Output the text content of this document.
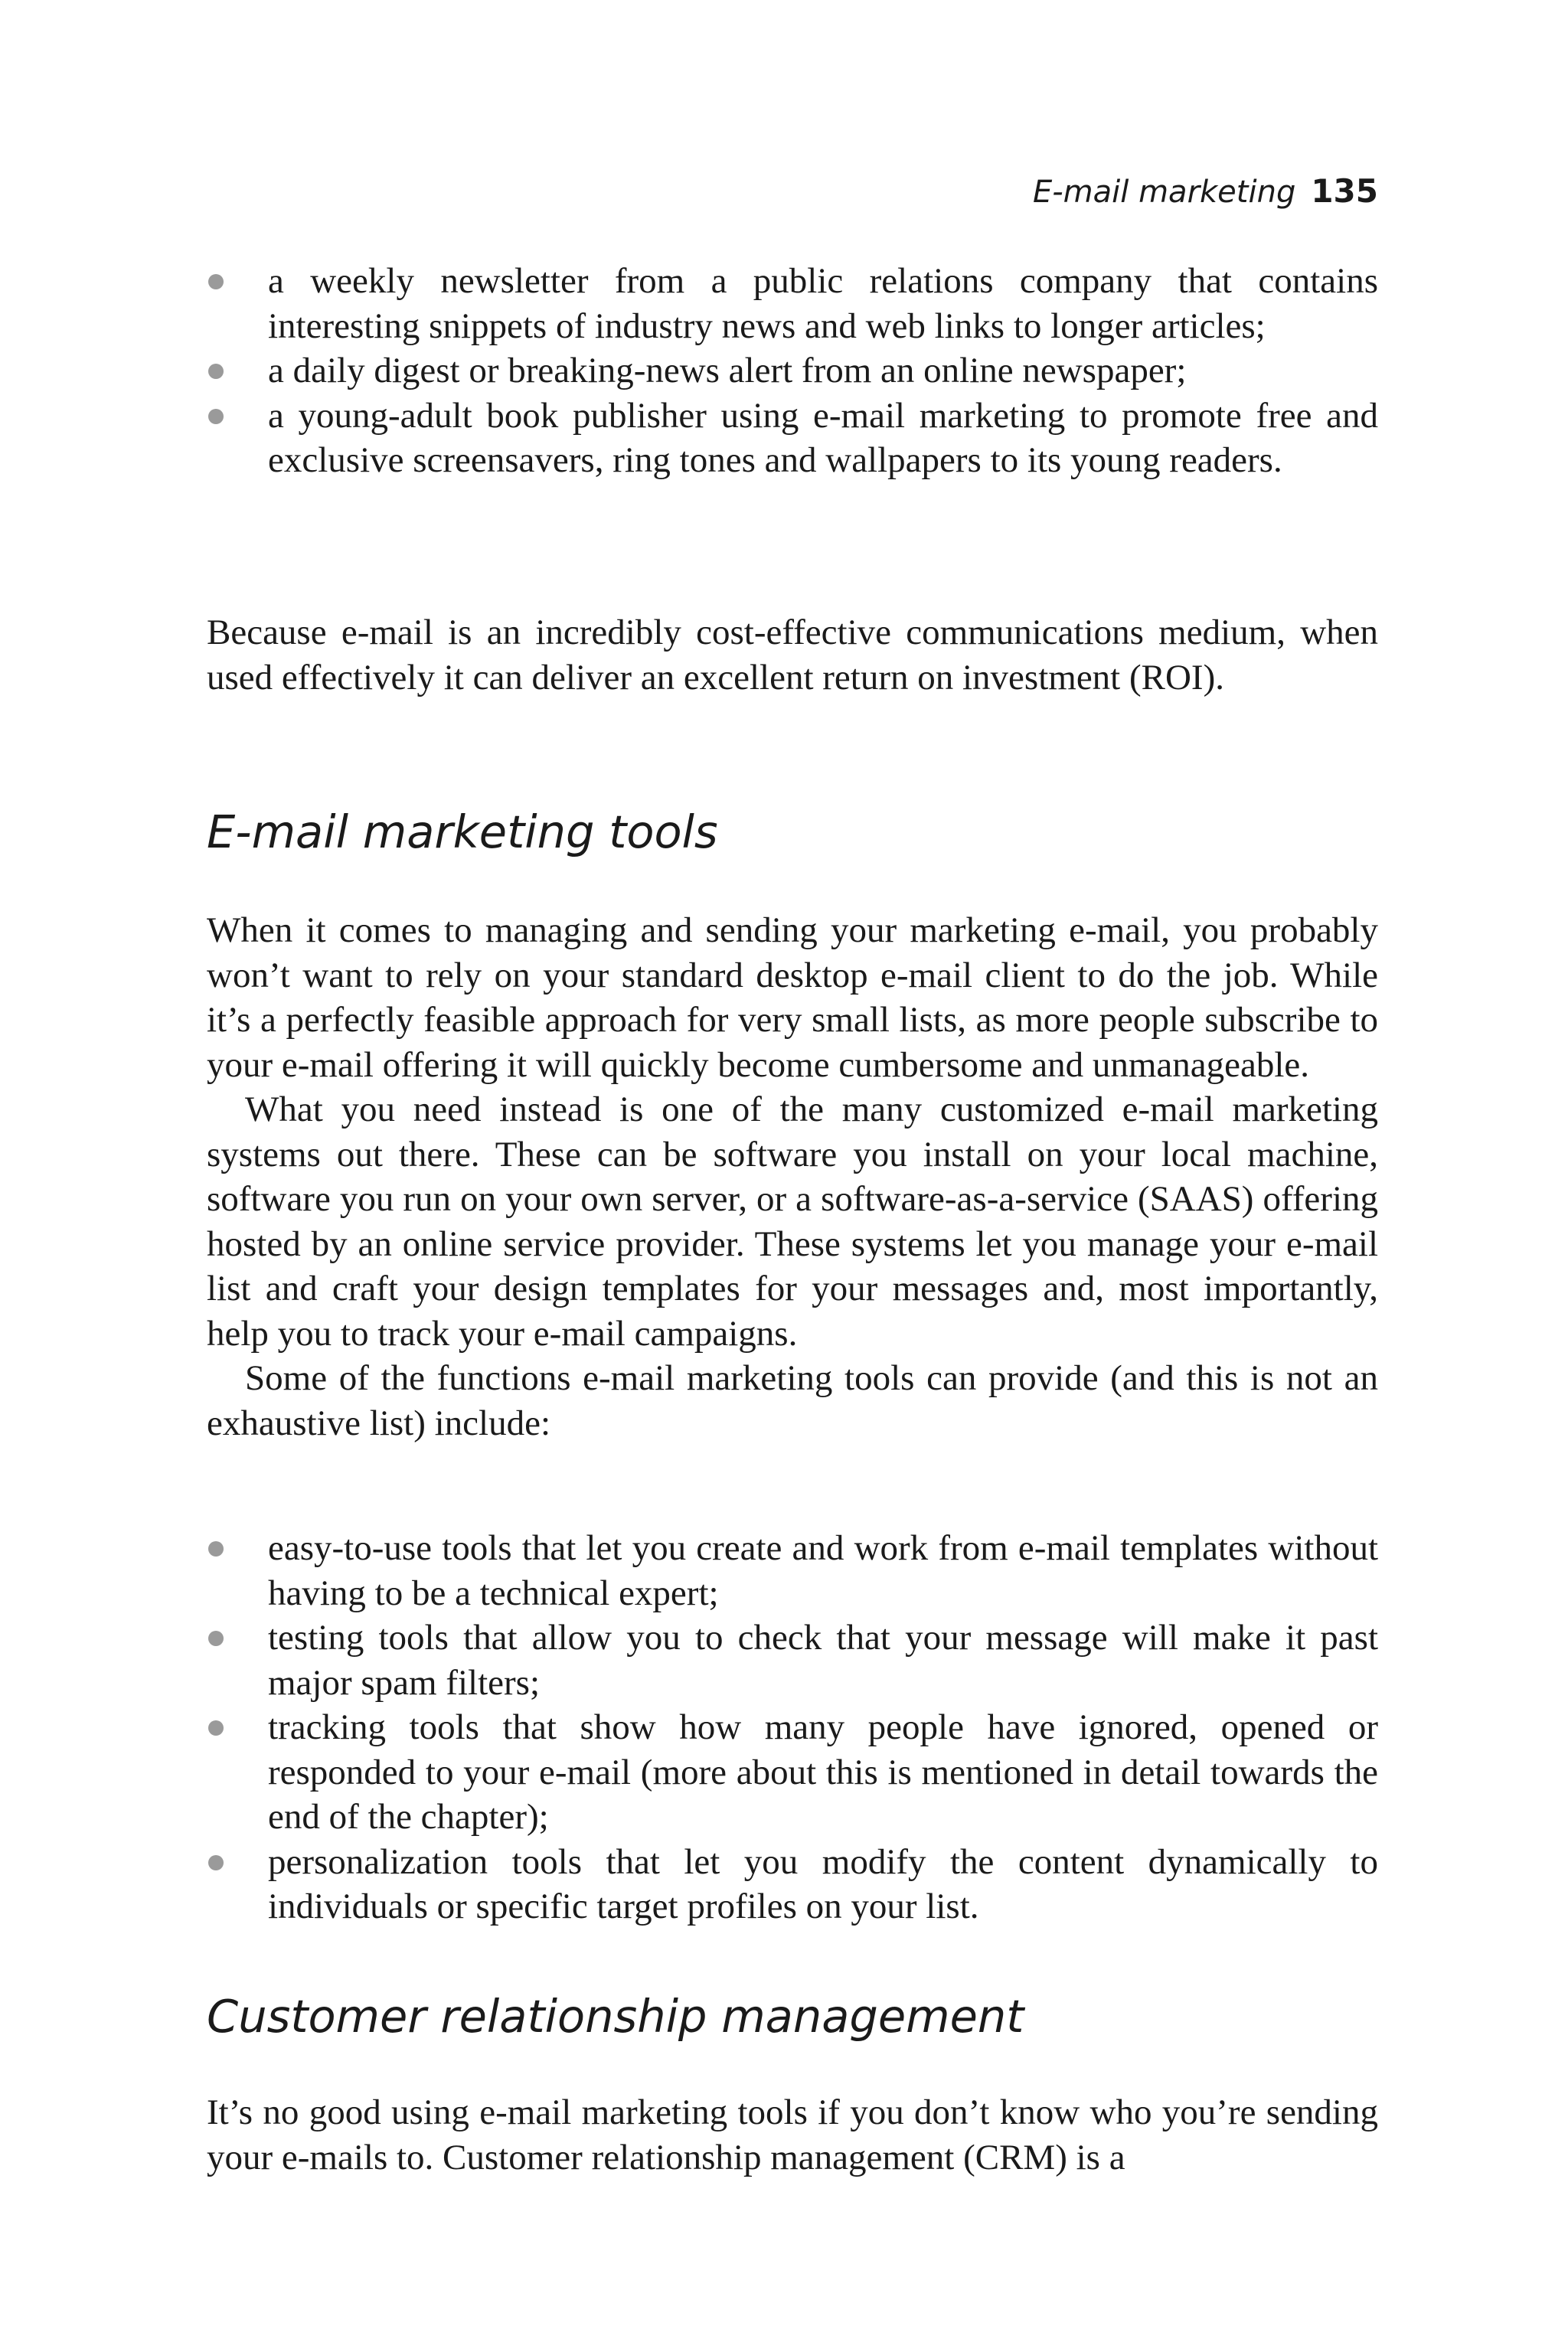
E-mail marketing 135
a weekly newsletter from a public relations company that contains interesting snippets of industry news and web links to longer articles;
a daily digest or breaking-news alert from an online newspaper;
a young-adult book publisher using e-mail marketing to promote free and exclusive screensavers, ring tones and wallpapers to its young readers.

Because e-mail is an incredibly cost-effective communications medium, when used effectively it can deliver an excellent return on investment (ROI).

E-mail marketing tools

When it comes to managing and sending your marketing e-mail, you probably won’t want to rely on your standard desktop e-mail client to do the job. While it’s a perfectly feasible approach for very small lists, as more people subscribe to your e-mail offering it will quickly become cumbersome and unmanageable.

What you need instead is one of the many customized e-mail marketing systems out there. These can be software you install on your local machine, software you run on your own server, or a software-as-a-service (SAAS) offering hosted by an online service provider. These systems let you manage your e-mail list and craft your design templates for your messages and, most importantly, help you to track your e-mail campaigns.

Some of the functions e-mail marketing tools can provide (and this is not an exhaustive list) include:

easy-to-use tools that let you create and work from e-mail templates without having to be a technical expert;
testing tools that allow you to check that your message will make it past major spam filters;
tracking tools that show how many people have ignored, opened or responded to your e-mail (more about this is mentioned in detail towards the end of the chapter);
personalization tools that let you modify the content dynamically to individuals or specific target profiles on your list.
Customer relationship management

It’s no good using e-mail marketing tools if you don’t know who you’re sending your e-mails to. Customer relationship management (CRM) is a
